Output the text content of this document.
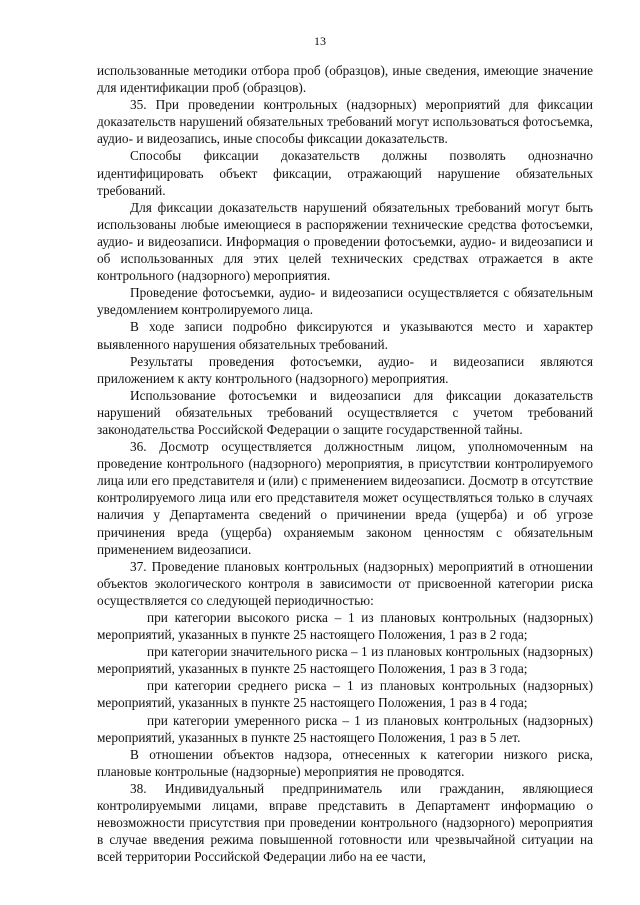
13

использованные методики отбора проб (образцов), иные сведения, имеющие значение для идентификации проб (образцов).

35. При проведении контрольных (надзорных) мероприятий для фиксации доказательств нарушений обязательных требований могут использоваться фотосъемка, аудио- и видеозапись, иные способы фиксации доказательств.

Способы фиксации доказательств должны позволять однозначно идентифицировать объект фиксации, отражающий нарушение обязательных требований.

Для фиксации доказательств нарушений обязательных требований могут быть использованы любые имеющиеся в распоряжении технические средства фотосъемки, аудио- и видеозаписи. Информация о проведении фотосъемки, аудио- и видеозаписи и об использованных для этих целей технических средствах отражается в акте контрольного (надзорного) мероприятия.

Проведение фотосъемки, аудио- и видеозаписи осуществляется с обязательным уведомлением контролируемого лица.

В ходе записи подробно фиксируются и указываются место и характер выявленного нарушения обязательных требований.

Результаты проведения фотосъемки, аудио- и видеозаписи являются приложением к акту контрольного (надзорного) мероприятия.

Использование фотосъемки и видеозаписи для фиксации доказательств нарушений обязательных требований осуществляется с учетом требований законодательства Российской Федерации о защите государственной тайны.

36. Досмотр осуществляется должностным лицом, уполномоченным на проведение контрольного (надзорного) мероприятия, в присутствии контролируемого лица или его представителя и (или) с применением видеозаписи. Досмотр в отсутствие контролируемого лица или его представителя может осуществляться только в случаях наличия у Департамента сведений о причинении вреда (ущерба) и об угрозе причинения вреда (ущерба) охраняемым законом ценностям с обязательным применением видеозаписи.

37. Проведение плановых контрольных (надзорных) мероприятий в отношении объектов экологического контроля в зависимости от присвоенной категории риска осуществляется со следующей периодичностью:

при категории высокого риска – 1 из плановых контрольных (надзорных) мероприятий, указанных в пункте 25 настоящего Положения, 1 раз в 2 года;

при категории значительного риска – 1 из плановых контрольных (надзорных) мероприятий, указанных в пункте 25 настоящего Положения, 1 раз в 3 года;

при категории среднего риска – 1 из плановых контрольных (надзорных) мероприятий, указанных в пункте 25 настоящего Положения, 1 раз в 4 года;

при категории умеренного риска – 1 из плановых контрольных (надзорных) мероприятий, указанных в пункте 25 настоящего Положения, 1 раз в 5 лет.

В отношении объектов надзора, отнесенных к категории низкого риска, плановые контрольные (надзорные) мероприятия не проводятся.

38. Индивидуальный предприниматель или гражданин, являющиеся контролируемыми лицами, вправе представить в Департамент информацию о невозможности присутствия при проведении контрольного (надзорного) мероприятия в случае введения режима повышенной готовности или чрезвычайной ситуации на всей территории Российской Федерации либо на ее части,
